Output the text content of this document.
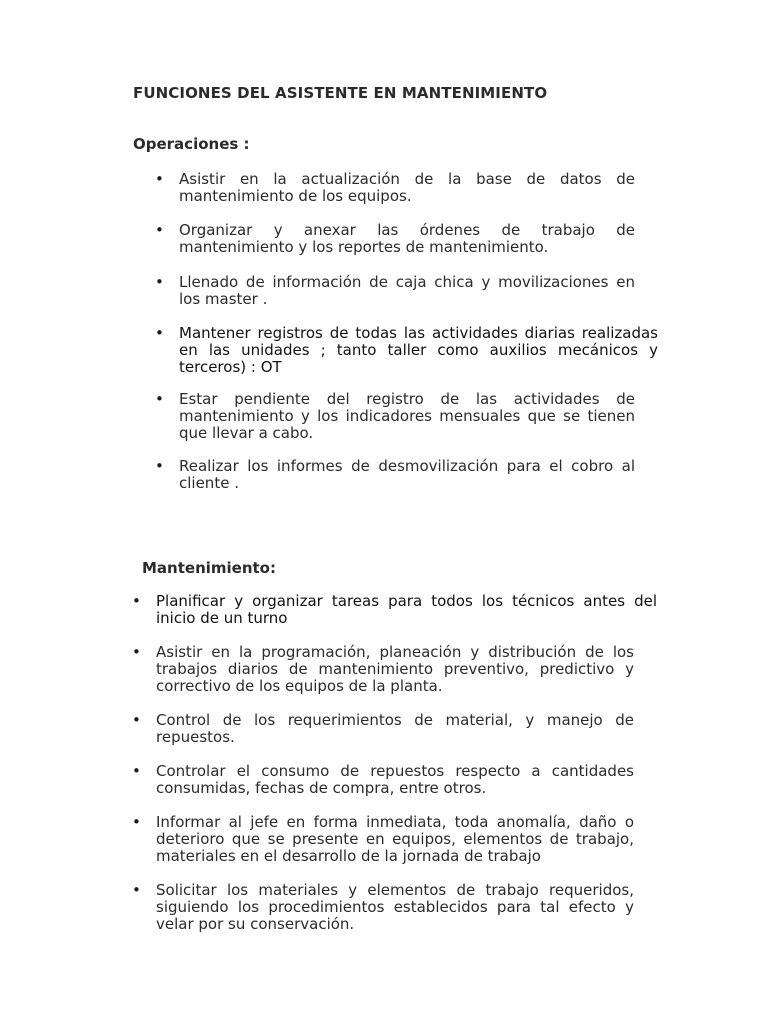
FUNCIONES DEL ASISTENTE EN MANTENIMIENTO
Operaciones :
• Asistir en la actualización de la base de datos de mantenimiento de los equipos.
• Organizar y anexar las órdenes de trabajo de mantenimiento y los reportes de mantenimiento.
• Llenado de información de caja chica y movilizaciones en los master .
• Mantener registros de todas las actividades diarias realizadas en las unidades ; tanto taller como auxilios mecánicos y terceros) : OT
• Estar pendiente del registro de las actividades de mantenimiento y los indicadores mensuales que se tienen que llevar a cabo.
• Realizar los informes de desmovilización para el cobro al cliente .
Mantenimiento:
• Planificar y organizar tareas para todos los técnicos antes del inicio de un turno
• Asistir en la programación, planeación y distribución de los trabajos diarios de mantenimiento preventivo, predictivo y correctivo de los equipos de la planta.
• Control de los requerimientos de material, y manejo de repuestos.
• Controlar el consumo de repuestos respecto a cantidades consumidas, fechas de compra, entre otros.
• Informar al jefe en forma inmediata, toda anomalía, daño o deterioro que se presente en equipos, elementos de trabajo, materiales en el desarrollo de la jornada de trabajo
• Solicitar los materiales y elementos de trabajo requeridos, siguiendo los procedimientos establecidos para tal efecto y velar por su conservación.
